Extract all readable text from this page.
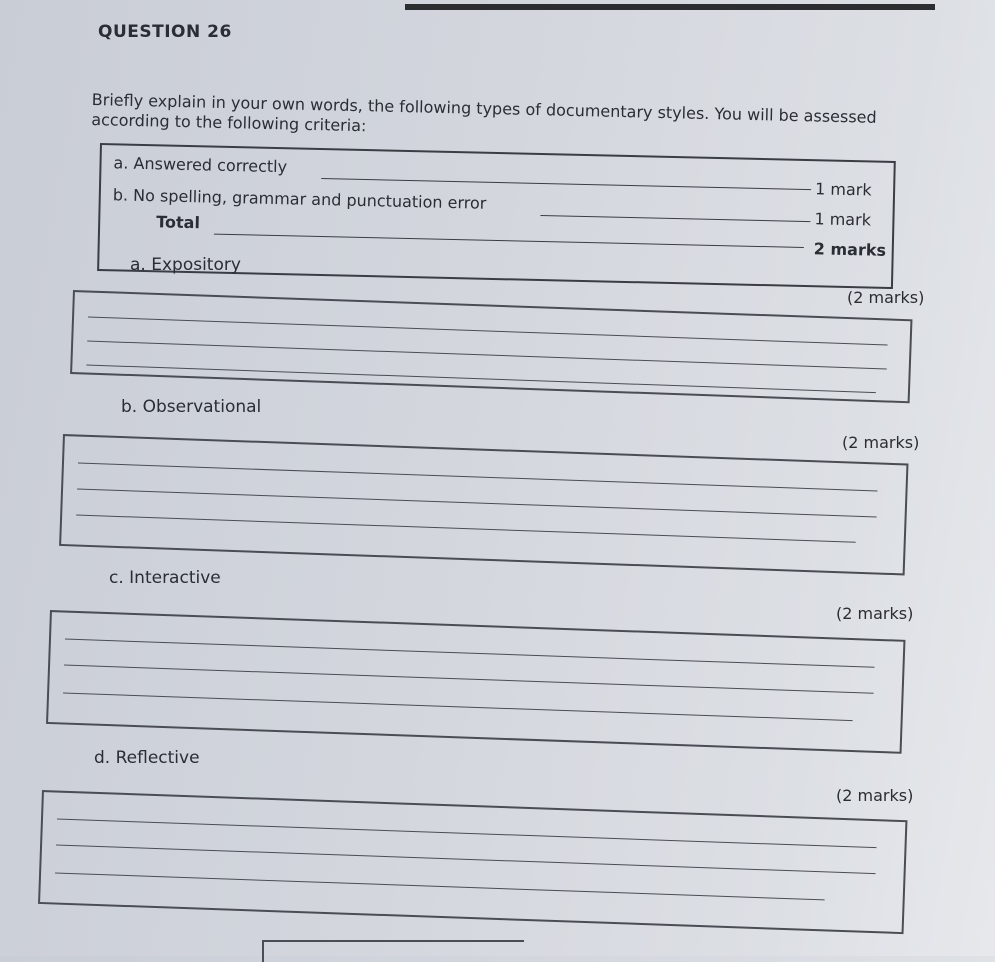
QUESTION 26
Briefly explain in your own words, the following types of documentary styles. You will be assessed according to the following criteria:
a. Answered correctly
1 mark
b. No spelling, grammar and punctuation error
1 mark
Total
2 marks
a. Expository
(2 marks)
b. Observational
(2 marks)
c. Interactive
(2 marks)
d. Reflective
(2 marks)
